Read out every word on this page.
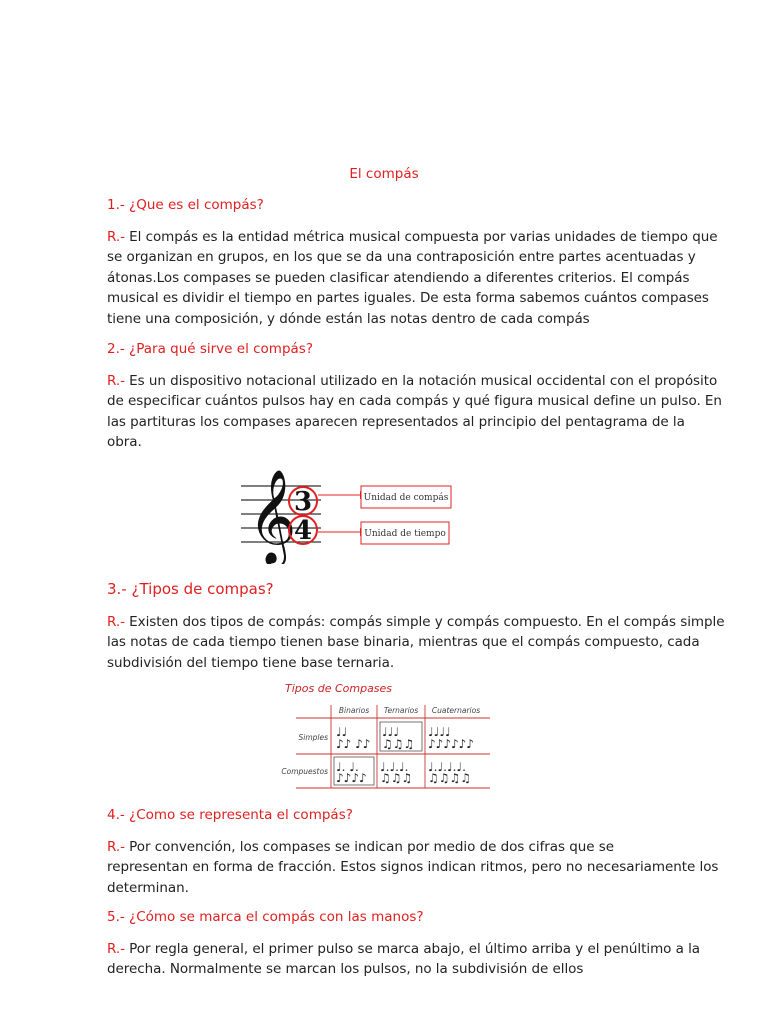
El compás
1.- ¿Que es el compás?
R.- El compás es la entidad métrica musical compuesta por varias unidades de tiempo que
se organizan en grupos, en los que se da una contraposición entre partes acentuadas y
átonas.Los compases se pueden clasificar atendiendo a diferentes criterios. El compás
musical es dividir el tiempo en partes iguales. De esta forma sabemos cuántos compases
tiene una composición, y dónde están las notas dentro de cada compás
2.- ¿Para qué sirve el compás?
R.- Es un dispositivo notacional utilizado en la notación musical occidental con el propósito
de especificar cuántos pulsos hay en cada compás y qué figura musical define un pulso. En
las partituras los compases aparecen representados al principio del pentagrama de la
obra.
𝄞
3
4
Unidad de compás
Unidad de tiempo
3.- ¿Tipos de compas?
R.- Existen dos tipos de compás: compás simple y compás compuesto. En el compás simple
las notas de cada tiempo tienen base binaria, mientras que el compás compuesto, cada
subdivisión del tiempo tiene base ternaria.
Tipos de Compases
Binarios Ternarios Cuaternarios
Simples
Compuestos
♩♩
♪♪ ♪♪
♩♩♩
♫♫♫
♩♩♩♩
♪♪♪♪♪♪
♩. ♩.
♪♪♪♪
♩.♩.♩.
♫♫♫
♩.♩.♩.♩.
♫♫♫♫
4.- ¿Como se representa el compás?
R.- Por convención, los compases se indican por medio de dos cifras que se
representan en forma de fracción. Estos signos indican ritmos, pero no necesariamente los
determinan.
5.- ¿Cómo se marca el compás con las manos?
R.- Por regla general, el primer pulso se marca abajo, el último arriba y el penúltimo a la
derecha. Normalmente se marcan los pulsos, no la subdivisión de ellos
